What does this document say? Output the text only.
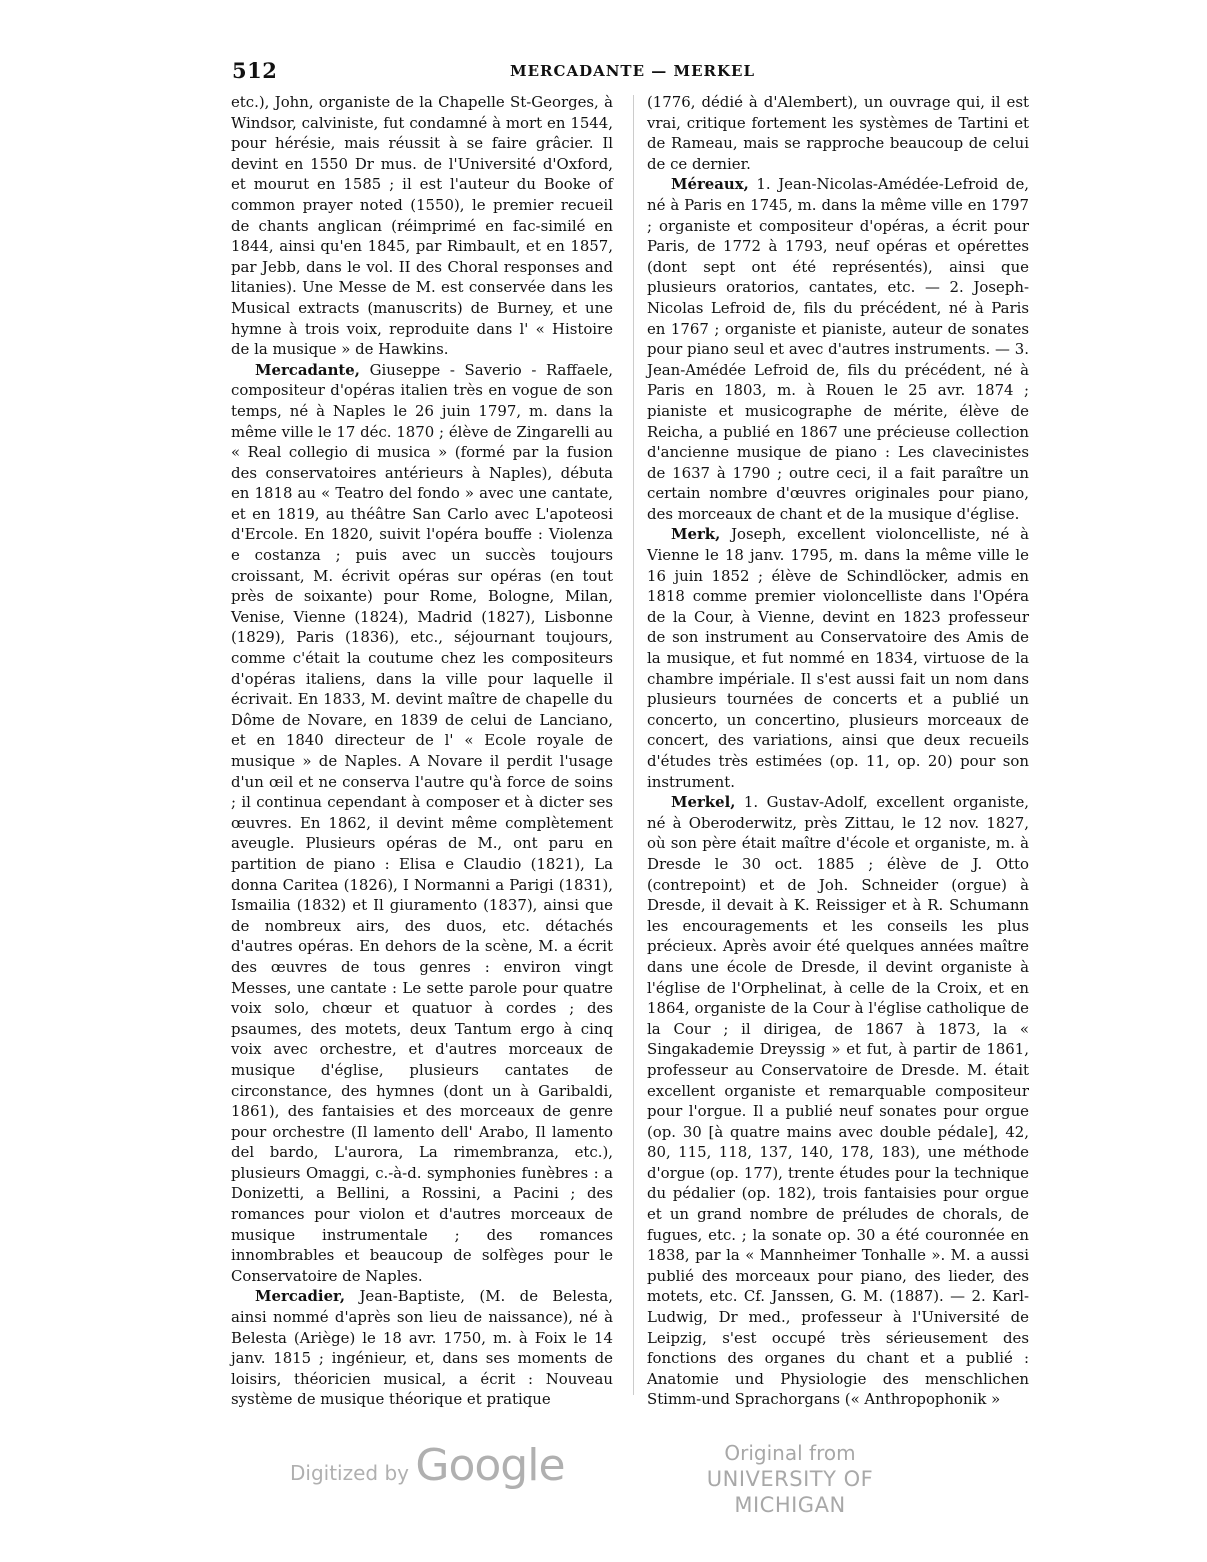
512	MERCADANTE — MERKEL

etc.), John, organiste de la Chapelle St-Georges, à Windsor, calviniste, fut condamné à mort en 1544, pour hérésie, mais réussit à se faire grâcier. Il devint en 1550 Dr mus. de l'Université d'Oxford, et mourut en 1585 ; il est l'auteur du Booke of common prayer noted (1550), le premier recueil de chants anglican (réimprimé en fac-similé en 1844, ainsi qu'en 1845, par Rimbault, et en 1857, par Jebb, dans le vol. II des Choral responses and litanies). Une Messe de M. est conservée dans les Musical extracts (manuscrits) de Burney, et une hymne à trois voix, reproduite dans l' « Histoire de la musique » de Hawkins.

Mercadante, Giuseppe - Saverio - Raffaele, compositeur d'opéras italien très en vogue de son temps, né à Naples le 26 juin 1797, m. dans la même ville le 17 déc. 1870 ; élève de Zingarelli au « Real collegio di musica » (formé par la fusion des conservatoires antérieurs à Naples), débuta en 1818 au « Teatro del fondo » avec une cantate, et en 1819, au théâtre San Carlo avec L'apoteosi d'Ercole. En 1820, suivit l'opéra bouffe : Violenza e costanza ; puis avec un succès toujours croissant, M. écrivit opéras sur opéras (en tout près de soixante) pour Rome, Bologne, Milan, Venise, Vienne (1824), Madrid (1827), Lisbonne (1829), Paris (1836), etc., séjournant toujours, comme c'était la coutume chez les compositeurs d'opéras italiens, dans la ville pour laquelle il écrivait. En 1833, M. devint maître de chapelle du Dôme de Novare, en 1839 de celui de Lanciano, et en 1840 directeur de l' « Ecole royale de musique » de Naples. A Novare il perdit l'usage d'un œil et ne conserva l'autre qu'à force de soins ; il continua cependant à composer et à dicter ses œuvres. En 1862, il devint même complètement aveugle. Plusieurs opéras de M., ont paru en partition de piano : Elisa e Claudio (1821), La donna Caritea (1826), I Normanni a Parigi (1831), Ismailia (1832) et Il giuramento (1837), ainsi que de nombreux airs, des duos, etc. détachés d'autres opéras. En dehors de la scène, M. a écrit des œuvres de tous genres : environ vingt Messes, une cantate : Le sette parole pour quatre voix solo, chœur et quatuor à cordes ; des psaumes, des motets, deux Tantum ergo à cinq voix avec orchestre, et d'autres morceaux de musique d'église, plusieurs cantates de circonstance, des hymnes (dont un à Garibaldi, 1861), des fantaisies et des morceaux de genre pour orchestre (Il lamento dell' Arabo, Il lamento del bardo, L'aurora, La rimembranza, etc.), plusieurs Omaggi, c.-à-d. symphonies funèbres : a Donizetti, a Bellini, a Rossini, a Pacini ; des romances pour violon et d'autres morceaux de musique instrumentale ; des romances innombrables et beaucoup de solfèges pour le Conservatoire de Naples.

Mercadier, Jean-Baptiste, (M. de Belesta, ainsi nommé d'après son lieu de naissance), né à Belesta (Ariège) le 18 avr. 1750, m. à Foix le 14 janv. 1815 ; ingénieur, et, dans ses moments de loisirs, théoricien musical, a écrit : Nouveau système de musique théorique et pratique

(1776, dédié à d'Alembert), un ouvrage qui, il est vrai, critique fortement les systèmes de Tartini et de Rameau, mais se rapproche beaucoup de celui de ce dernier.

Méreaux, 1. Jean-Nicolas-Amédée-Lefroid de, né à Paris en 1745, m. dans la même ville en 1797 ; organiste et compositeur d'opéras, a écrit pour Paris, de 1772 à 1793, neuf opéras et opérettes (dont sept ont été représentés), ainsi que plusieurs oratorios, cantates, etc. — 2. Joseph-Nicolas Lefroid de, fils du précédent, né à Paris en 1767 ; organiste et pianiste, auteur de sonates pour piano seul et avec d'autres instruments. — 3. Jean-Amédée Lefroid de, fils du précédent, né à Paris en 1803, m. à Rouen le 25 avr. 1874 ; pianiste et musicographe de mérite, élève de Reicha, a publié en 1867 une précieuse collection d'ancienne musique de piano : Les clavecinistes de 1637 à 1790 ; outre ceci, il a fait paraître un certain nombre d'œuvres originales pour piano, des morceaux de chant et de la musique d'église.

Merk, Joseph, excellent violoncelliste, né à Vienne le 18 janv. 1795, m. dans la même ville le 16 juin 1852 ; élève de Schindlöcker, admis en 1818 comme premier violoncelliste dans l'Opéra de la Cour, à Vienne, devint en 1823 professeur de son instrument au Conservatoire des Amis de la musique, et fut nommé en 1834, virtuose de la chambre impériale. Il s'est aussi fait un nom dans plusieurs tournées de concerts et a publié un concerto, un concertino, plusieurs morceaux de concert, des variations, ainsi que deux recueils d'études très estimées (op. 11, op. 20) pour son instrument.

Merkel, 1. Gustav-Adolf, excellent organiste, né à Oberoderwitz, près Zittau, le 12 nov. 1827, où son père était maître d'école et organiste, m. à Dresde le 30 oct. 1885 ; élève de J. Otto (contrepoint) et de Joh. Schneider (orgue) à Dresde, il devait à K. Reissiger et à R. Schumann les encouragements et les conseils les plus précieux. Après avoir été quelques années maître dans une école de Dresde, il devint organiste à l'église de l'Orphelinat, à celle de la Croix, et en 1864, organiste de la Cour à l'église catholique de la Cour ; il dirigea, de 1867 à 1873, la « Singakademie Dreyssig » et fut, à partir de 1861, professeur au Conservatoire de Dresde. M. était excellent organiste et remarquable compositeur pour l'orgue. Il a publié neuf sonates pour orgue (op. 30 [à quatre mains avec double pédale], 42, 80, 115, 118, 137, 140, 178, 183), une méthode d'orgue (op. 177), trente études pour la technique du pédalier (op. 182), trois fantaisies pour orgue et un grand nombre de préludes de chorals, de fugues, etc. ; la sonate op. 30 a été couronnée en 1838, par la « Mannheimer Tonhalle ». M. a aussi publié des morceaux pour piano, des lieder, des motets, etc. Cf. Janssen, G. M. (1887). — 2. Karl-Ludwig, Dr med., professeur à l'Université de Leipzig, s'est occupé très sérieusement des fonctions des organes du chant et a publié : Anatomie und Physiologie des menschlichen Stimm-und Sprachorgans (« Anthropophonik »

Digitized by Google	Original from
UNIVERSITY OF MICHIGAN
